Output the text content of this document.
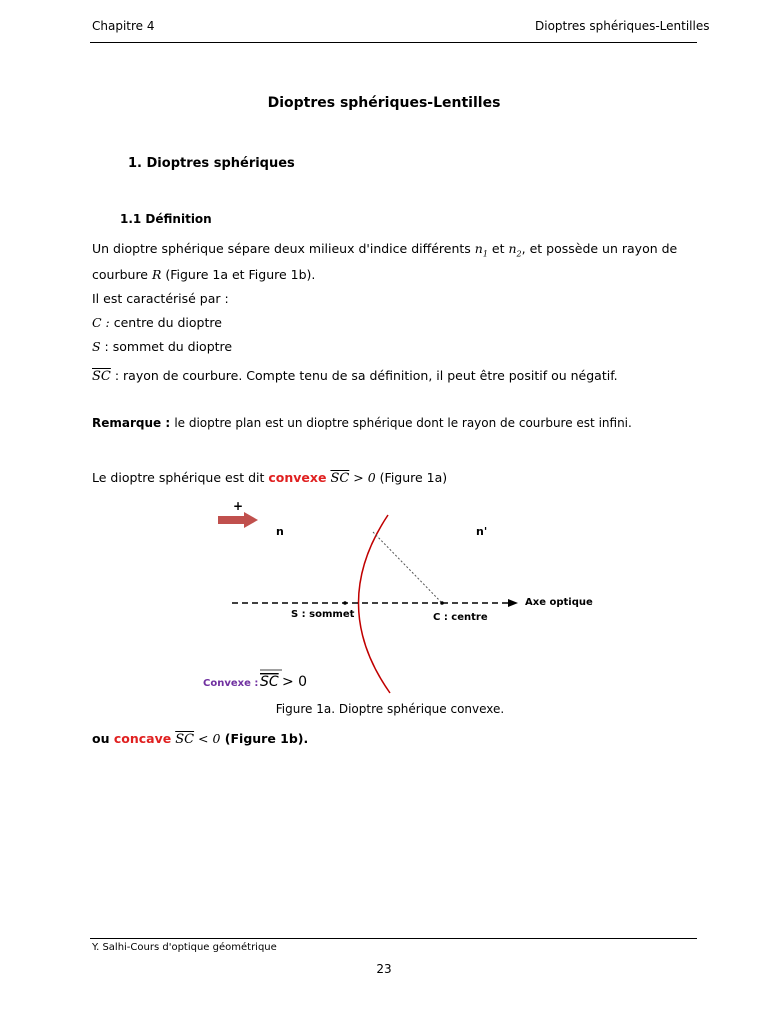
Chapitre 4	Dioptres sphériques-Lentilles
Dioptres sphériques-Lentilles
1. Dioptres sphériques
1.1 Définition
Un dioptre sphérique sépare deux milieux d'indice différents $n_1$ et $n_2$, et possède un rayon de
courbure R (Figure 1a et Figure 1b).
Il est caractérisé par :
C : centre du dioptre
S : sommet du dioptre
$\overline{SC}$ : rayon de courbure. Compte tenu de sa définition, il peut être positif ou négatif.
Remarque : le dioptre plan est un dioptre sphérique dont le rayon de courbure est infini.
Le dioptre sphérique est dit convexe $\overline{SC} > 0$ (Figure 1a)
+
n	n'
Axe optique
S : sommet	C : centre
Convexe : SC > 0
Figure 1a. Dioptre sphérique convexe.
ou concave $\overline{SC} < 0$ (Figure 1b).
Y. Salhi-Cours d'optique géométrique
23
